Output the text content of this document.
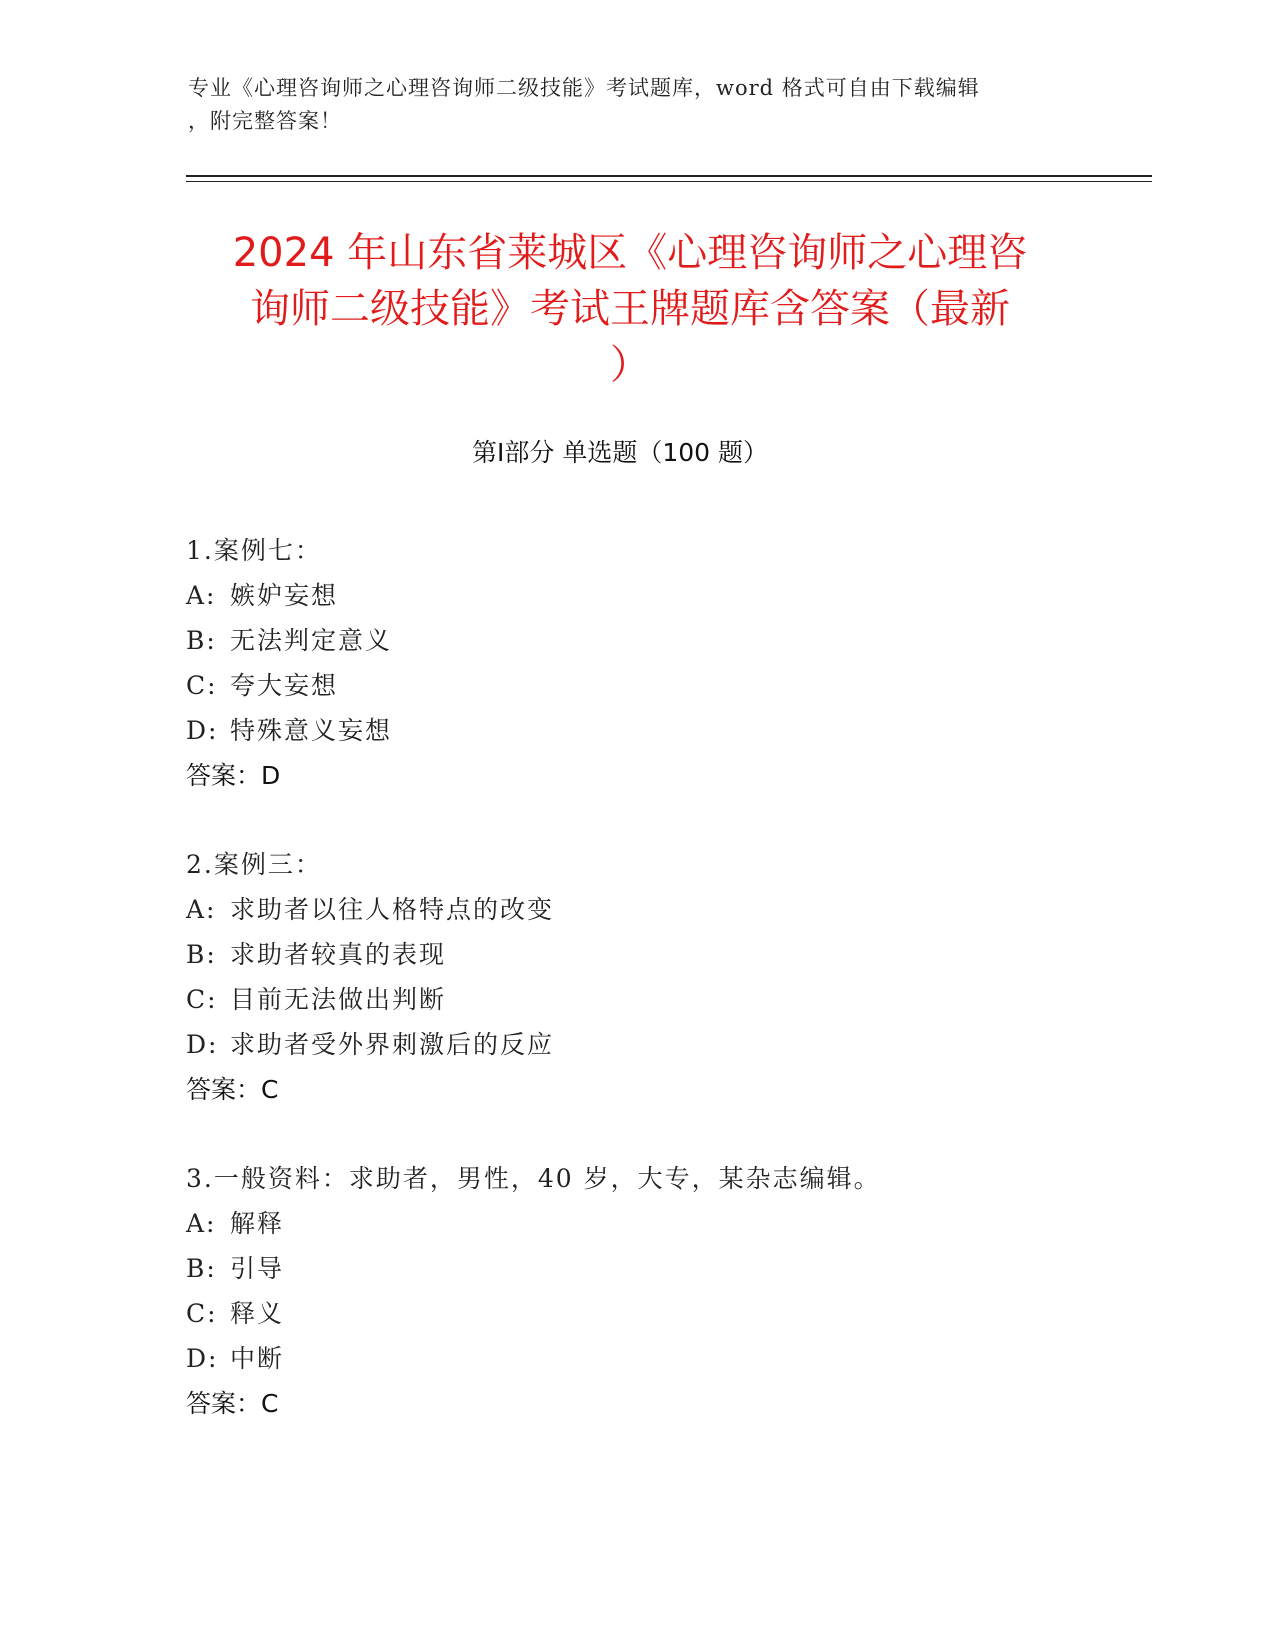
专业《心理咨询师之心理咨询师二级技能》考试题库，word 格式可自由下载编辑
，附完整答案！
2024 年山东省莱城区《心理咨询师之心理咨
询师二级技能》考试王牌题库含答案（最新
）
第Ⅰ部分 单选题（100 题）
1.案例七：
A: 嫉妒妄想
B: 无法判定意义
C: 夸大妄想
D: 特殊意义妄想
答案：D
2.案例三：
A: 求助者以往人格特点的改变
B: 求助者较真的表现
C: 目前无法做出判断
D: 求助者受外界刺激后的反应
答案：C
3.一般资料：求助者，男性，40 岁，大专，某杂志编辑。
A: 解释
B: 引导
C: 释义
D: 中断
答案：C
